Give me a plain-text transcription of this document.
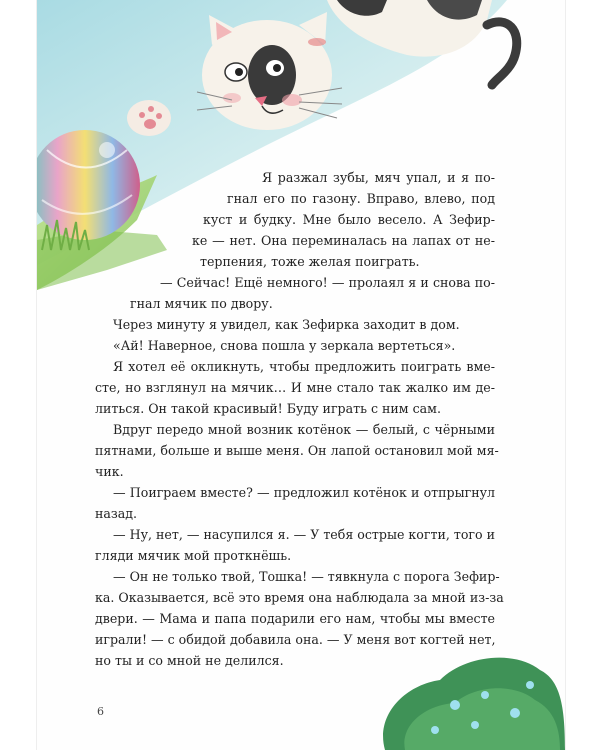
Я разжал зубы, мяч упал, и я по-
гнал его по газону. Вправо, влево, под
куст и будку. Мне было весело. А Зефир-
ке — нет. Она переминалась на лапах от не-
терпения, тоже желая поиграть.
— Сейчас! Ещё немного! — пролаял я и снова по-
гнал мячик по двору.
Через минуту я увидел, как Зефирка заходит в дом.
«Ай! Наверное, снова пошла у зеркала вертеться».
Я хотел её окликнуть, чтобы предложить поиграть вме-
сте, но взглянул на мячик… И мне стало так жалко им де-
литься. Он такой красивый! Буду играть с ним сам.
Вдруг передо мной возник котёнок — белый, с чёрными
пятнами, больше и выше меня. Он лапой остановил мой мя-
чик.
— Поиграем вместе? — предложил котёнок и отпрыгнул
назад.
— Ну, нет, — насупился я. — У тебя острые когти, того и
гляди мячик мой проткнёшь.
— Он не только твой, Тошка! — тявкнула с порога Зефир-
ка. Оказывается, всё это время она наблюдала за мной из-за
двери. — Мама и папа подарили его нам, чтобы мы вместе
играли! — с обидой добавила она. — У меня вот когтей нет,
но ты и со мной не делился.
6
